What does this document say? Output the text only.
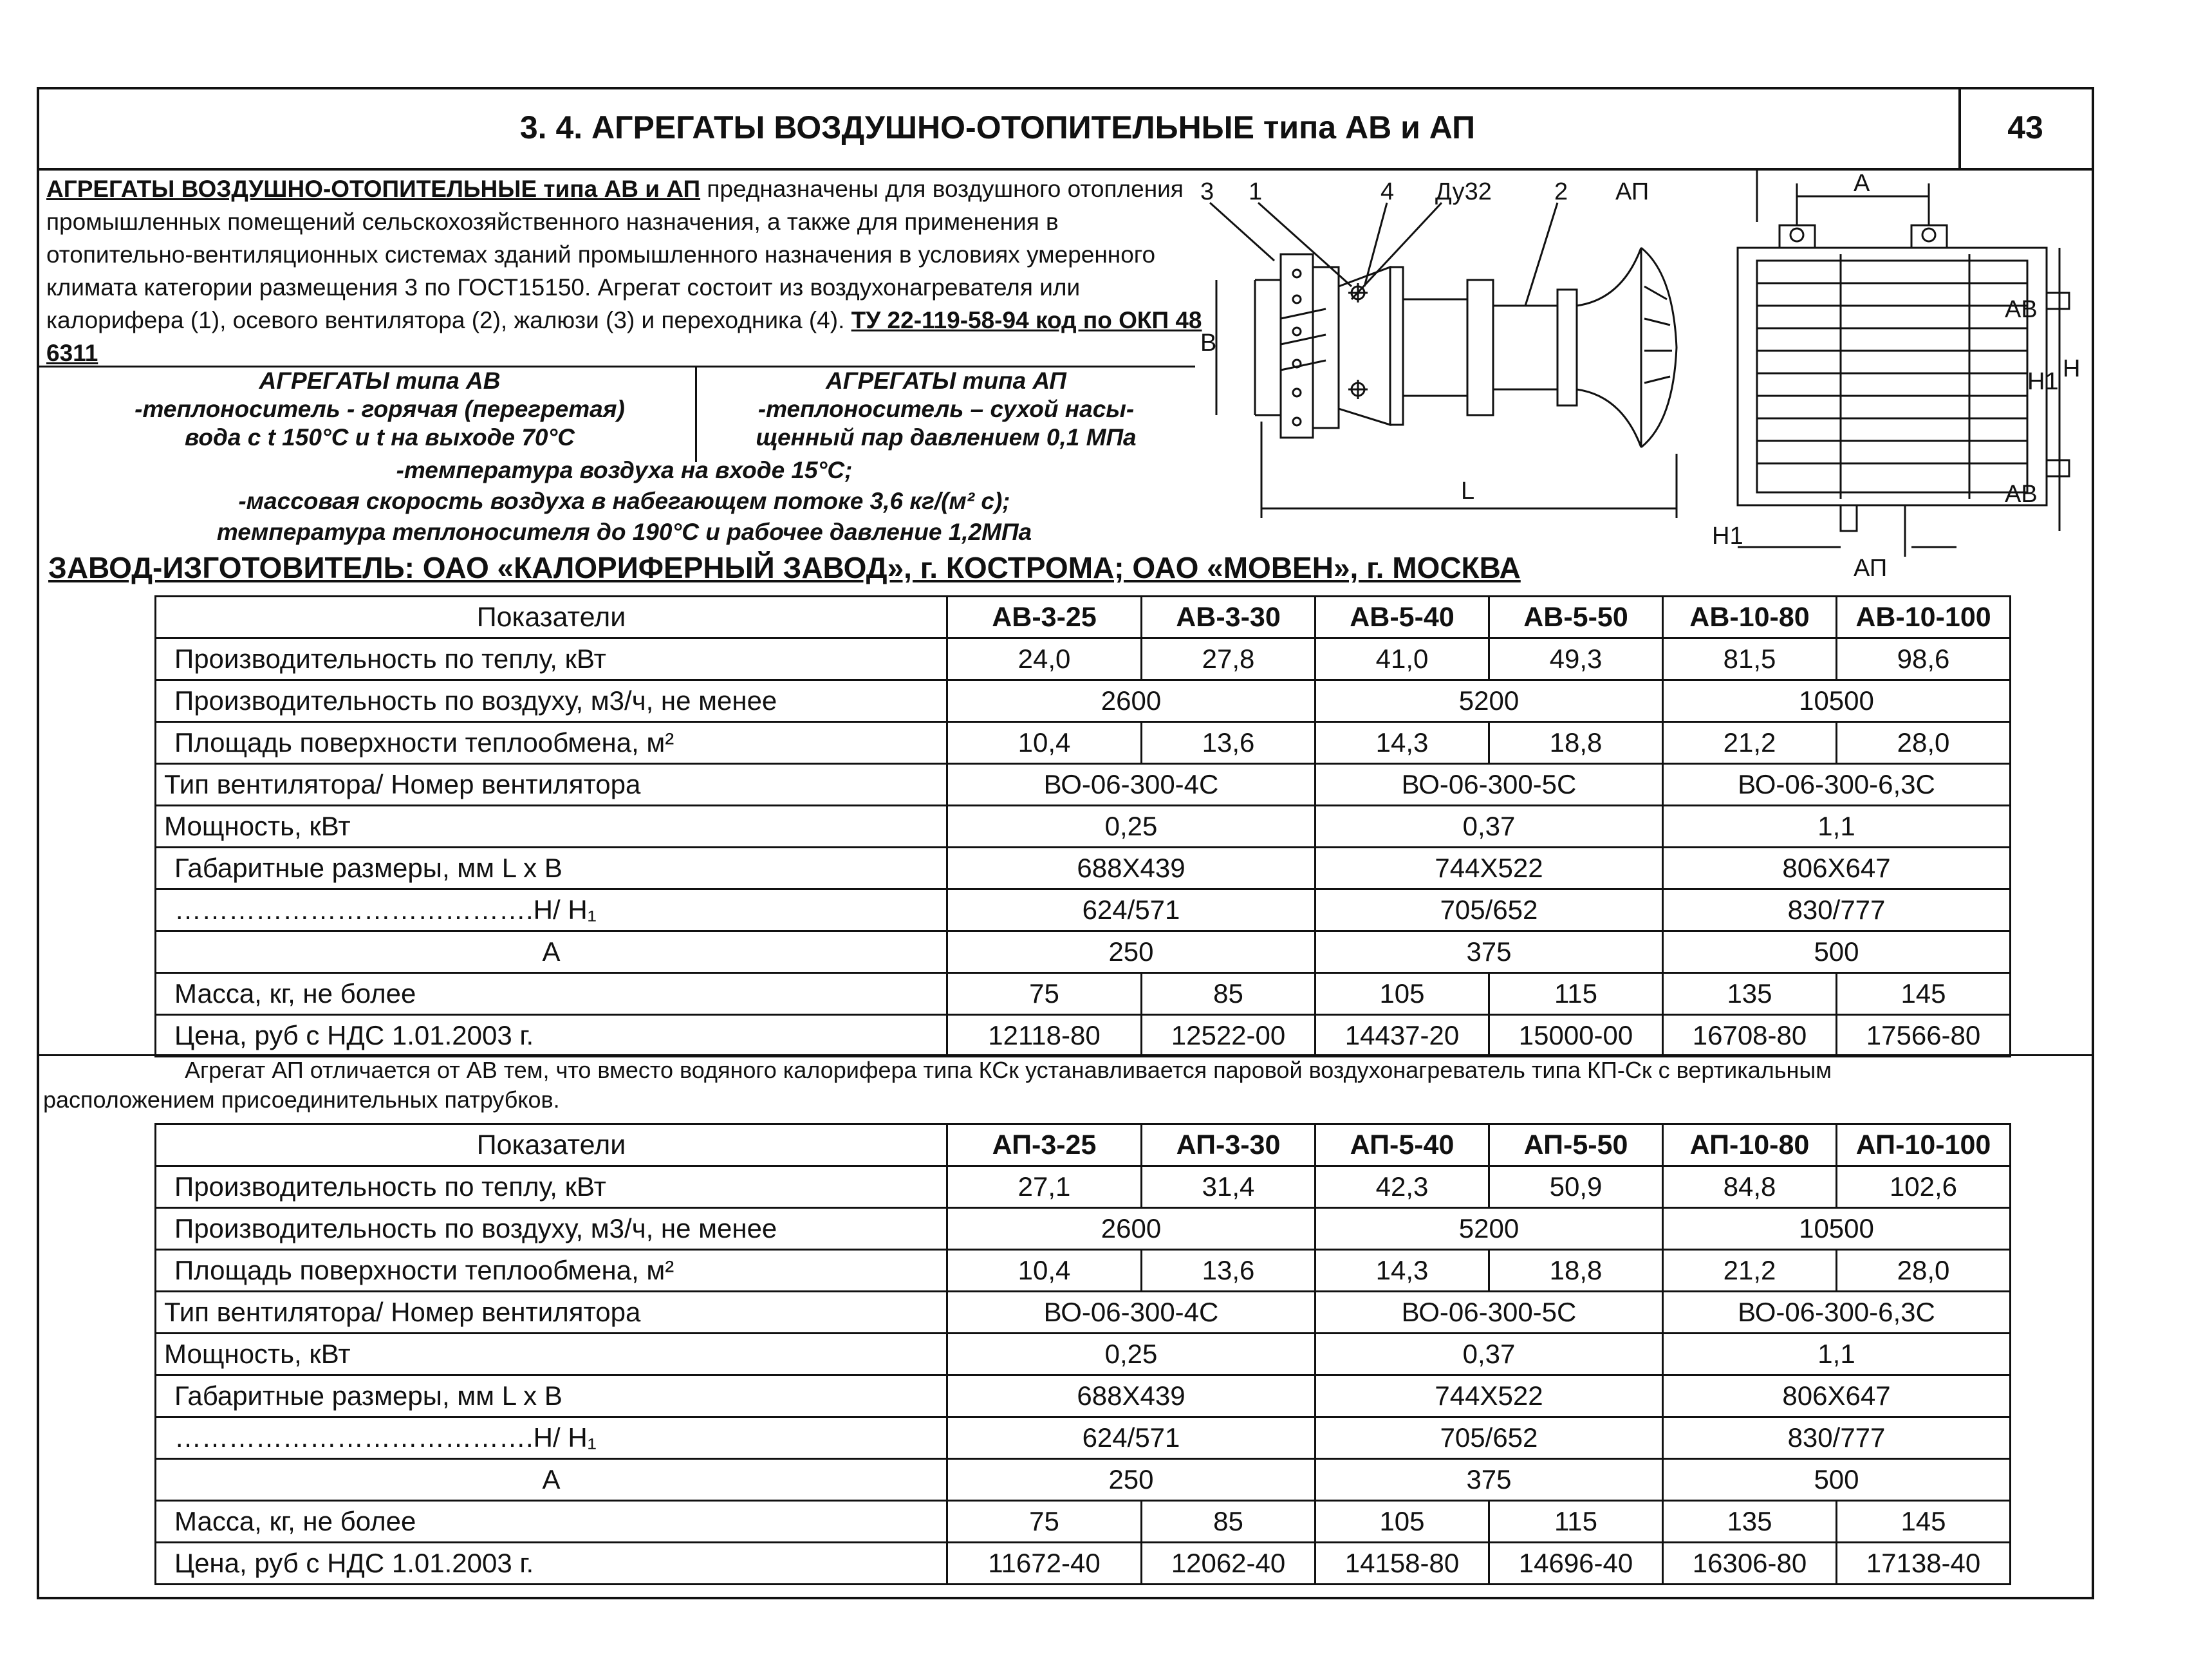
3. 4. АГРЕГАТЫ ВОЗДУШНО-ОТОПИТЕЛЬНЫЕ типа АВ и АП	43
АГРЕГАТЫ ВОЗДУШНО-ОТОПИТЕЛЬНЫЕ типа АВ и АП предназначены для воздушного отопления промышленных помещений сельскохозяйственного назначения, а также для применения в отопительно-вентиляционных системах зданий промышленного назначения в условиях умеренного климата категории размещения 3 по ГОСТ15150. Агрегат состоит из воздухонагревателя или калорифера (1), осевого вентилятора (2), жалюзи (3) и переходника (4). ТУ 22-119-58-94 код по ОКП 48 6311
АГРЕГАТЫ типа АВ
-теплоноситель - горячая (перегретая)
вода с t 150°C и t на выходе 70°C
АГРЕГАТЫ типа АП
-теплоноситель – сухой насы-
щенный пар давлением 0,1 МПа
-температура воздуха на входе 15°C;
-массовая скорость воздуха в набегающем потоке 3,6 кг/(м² с);
температура теплоносителя до 190°C и рабочее давление 1,2МПа
ЗАВОД-ИЗГОТОВИТЕЛЬ: ОАО «КАЛОРИФЕРНЫЙ ЗАВОД», г. КОСТРОМА; ОАО «МОВЕН», г. МОСКВА
3 1	4 Ду32	2 АП	А
АВ
H1 H
АВ
L
H1
АП
B
Показатели	АВ-3-25	АВ-3-30	АВ-5-40	АВ-5-50	АВ-10-80	АВ-10-100
Производительность по теплу, кВт	24,0	27,8	41,0	49,3	81,5	98,6
Производительность по воздуху, м3/ч, не менее	2600		5200		10500	
Площадь поверхности теплообмена, м²	10,4	13,6	14,3	18,8	21,2	28,0
Тип вентилятора/ Номер вентилятора	ВО-06-300-4С		ВО-06-300-5С		ВО-06-300-6,3С	
Мощность, кВт	0,25		0,37		1,1	
Габаритные размеры, мм L x B	688Х439		744Х522		806Х647	
………………………………….H/ H₁	624/571		705/652		830/777	
А	250		375		500	
Масса, кг, не более	75	85	105	115	135	145
Цена, руб с НДС 1.01.2003 г.	12118-80	12522-00	14437-20	15000-00	16708-80	17566-80
Агрегат АП отличается от АВ тем, что вместо водяного калорифера типа КСк устанавливается паровой воздухонагреватель типа КП-Ск с вертикальным
расположением присоединительных патрубков.
Показатели	АП-3-25	АП-3-30	АП-5-40	АП-5-50	АП-10-80	АП-10-100
Производительность по теплу, кВт	27,1	31,4	42,3	50,9	84,8	102,6
Производительность по воздуху, м3/ч, не менее	2600		5200		10500	
Площадь поверхности теплообмена, м²	10,4	13,6	14,3	18,8	21,2	28,0
Тип вентилятора/ Номер вентилятора	ВО-06-300-4С		ВО-06-300-5С		ВО-06-300-6,3С	
Мощность, кВт	0,25		0,37		1,1	
Габаритные размеры, мм L x B	688Х439		744Х522		806Х647	
………………………………….H/ H₁	624/571		705/652		830/777	
А	250		375		500	
Масса, кг, не более	75	85	105	115	135	145
Цена, руб с НДС 1.01.2003 г.	11672-40	12062-40	14158-80	14696-40	16306-80	17138-40
